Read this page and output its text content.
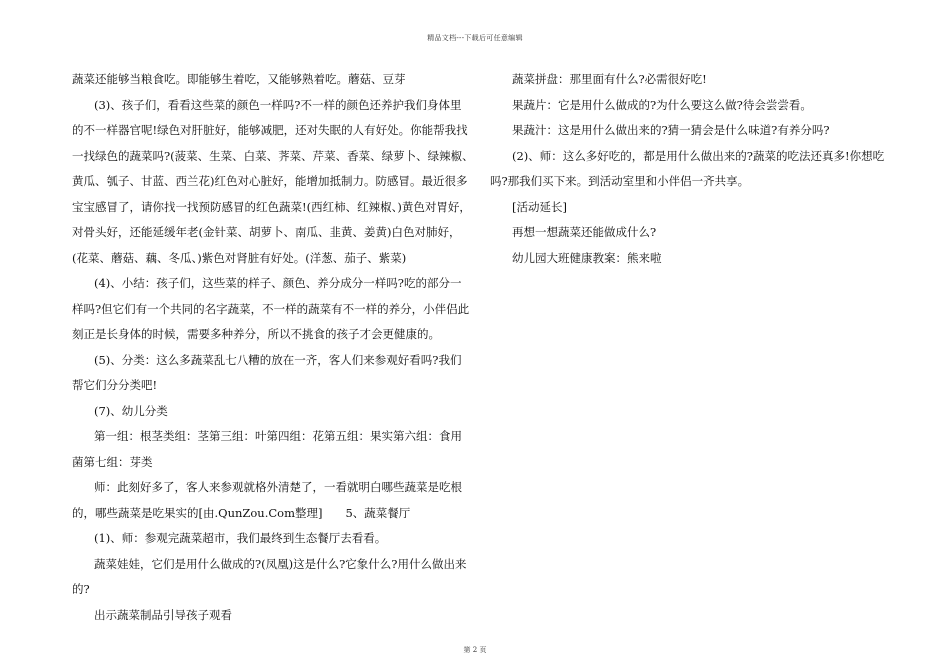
精品文档---下载后可任意编辑
蔬菜还能够当粮食吃。即能够生着吃，又能够熟着吃。蘑菇、豆芽
(3)、孩子们，看看这些菜的颜色一样吗?不一样的颜色还养护我们身体里
的不一样器官呢!绿色对肝脏好，能够减肥，还对失眠的人有好处。你能帮我找
一找绿色的蔬菜吗?(菠菜、生菜、白菜、荠菜、芹菜、香菜、绿萝卜、绿辣椒、
黄瓜、瓠子、甘蓝、西兰花)红色对心脏好，能增加抵制力。防感冒。最近很多
宝宝感冒了，请你找一找预防感冒的红色蔬菜!(西红柿、红辣椒、)黄色对胃好，
对骨头好，还能延缓年老(金针菜、胡萝卜、南瓜、韭黄、姜黄)白色对肺好，
(花菜、蘑菇、藕、冬瓜、)紫色对肾脏有好处。(洋葱、茄子、紫菜)
(4)、小结：孩子们，这些菜的样子、颜色、养分成分一样吗?吃的部分一
样吗?但它们有一个共同的名字蔬菜，不一样的蔬菜有不一样的养分，小伴侣此
刻正是长身体的时候，需要多种养分，所以不挑食的孩子才会更健康的。
(5)、分类：这么多蔬菜乱七八糟的放在一齐，客人们来参观好看吗?我们
帮它们分分类吧!
(7)、幼儿分类
第一组：根茎类组：茎第三组：叶第四组：花第五组：果实第六组：食用
菌第七组：芽类
师：此刻好多了，客人来参观就格外清楚了，一看就明白哪些蔬菜是吃根
的，哪些蔬菜是吃果实的[由.QunZou.Com整理]　　5、蔬菜餐厅
(1)、师：参观完蔬菜超市，我们最终到生态餐厅去看看。
蔬菜娃娃，它们是用什么做成的?(凤凰)这是什么?它象什么?用什么做出来
的?
出示蔬菜制品引导孩子观看
蔬菜拼盘：那里面有什么?必需很好吃!
果蔬片：它是用什么做成的?为什么要这么做?待会尝尝看。
果蔬汁：这是用什么做出来的?猜一猜会是什么味道?有养分吗?
(2)、师：这么多好吃的，都是用什么做出来的?蔬菜的吃法还真多!你想吃
吗?那我们买下来。到活动室里和小伴侣一齐共享。
[活动延长]
再想一想蔬菜还能做成什么?
幼儿园大班健康教案：熊来啦
第 2 页
